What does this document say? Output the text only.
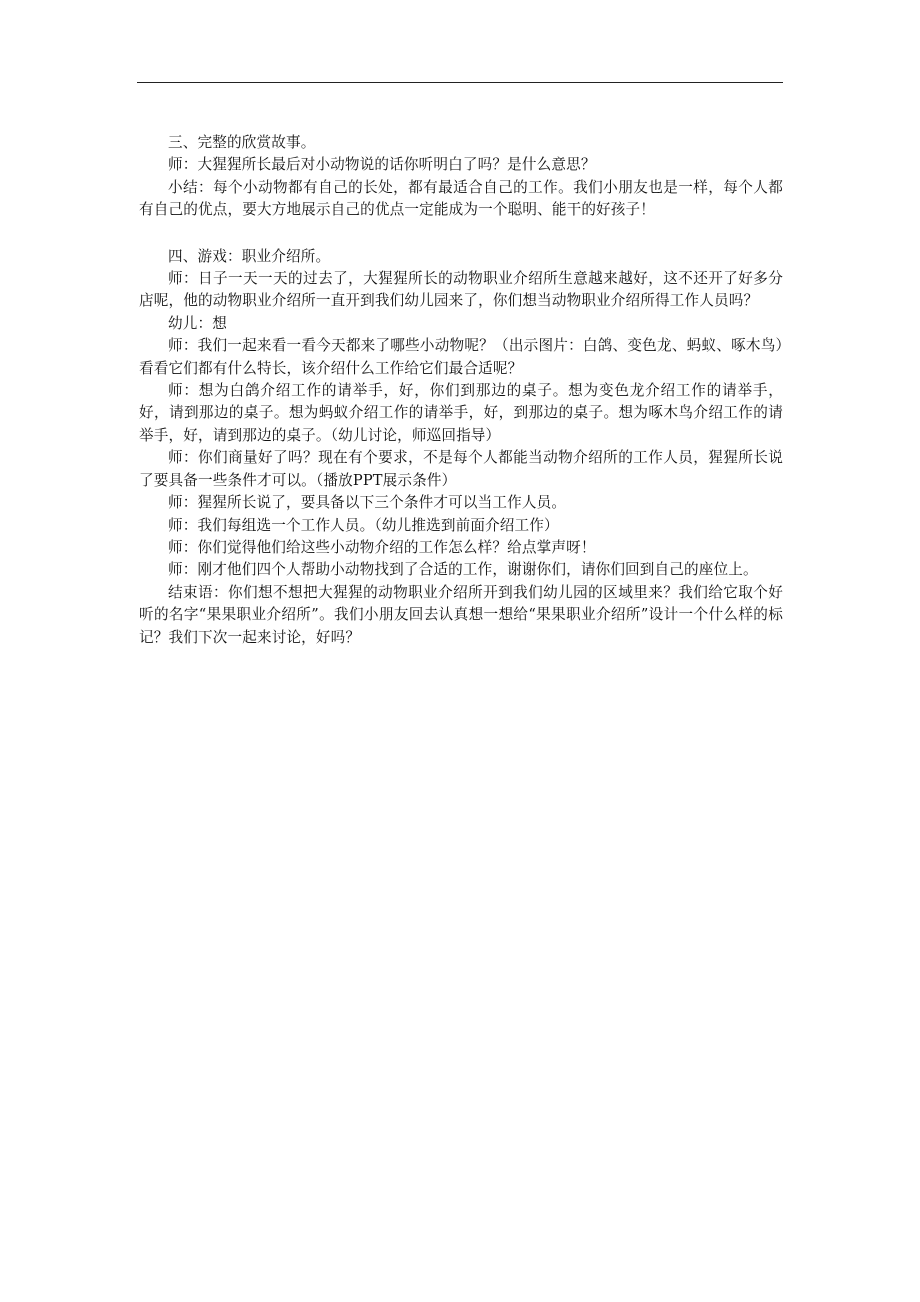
三、完整的欣赏故事。

师：大猩猩所长最后对小动物说的话你听明白了吗？是什么意思？

小结：每个小动物都有自己的长处，都有最适合自己的工作。我们小朋友也是一样，每个人都有自己的优点，要大方地展示自己的优点一定能成为一个聪明、能干的好孩子！

四、游戏：职业介绍所。

师：日子一天一天的过去了，大猩猩所长的动物职业介绍所生意越来越好，这不还开了好多分店呢，他的动物职业介绍所一直开到我们幼儿园来了，你们想当动物职业介绍所得工作人员吗？

幼儿：想

师：我们一起来看一看今天都来了哪些小动物呢？（出示图片：白鸽、变色龙、蚂蚁、啄木鸟）看看它们都有什么特长，该介绍什么工作给它们最合适呢？

师：想为白鸽介绍工作的请举手，好，你们到那边的桌子。想为变色龙介绍工作的请举手，好，请到那边的桌子。想为蚂蚁介绍工作的请举手，好，到那边的桌子。想为啄木鸟介绍工作的请举手，好，请到那边的桌子。（幼儿讨论，师巡回指导）

师：你们商量好了吗？现在有个要求，不是每个人都能当动物介绍所的工作人员，猩猩所长说了要具备一些条件才可以。（播放PPT展示条件）

师：猩猩所长说了，要具备以下三个条件才可以当工作人员。

师：我们每组选一个工作人员。（幼儿推选到前面介绍工作）

师：你们觉得他们给这些小动物介绍的工作怎么样？给点掌声呀！

师：刚才他们四个人帮助小动物找到了合适的工作，谢谢你们，请你们回到自己的座位上。

结束语：你们想不想把大猩猩的动物职业介绍所开到我们幼儿园的区域里来？我们给它取个好听的名字“果果职业介绍所”。我们小朋友回去认真想一想给“果果职业介绍所”设计一个什么样的标记？我们下次一起来讨论，好吗？
